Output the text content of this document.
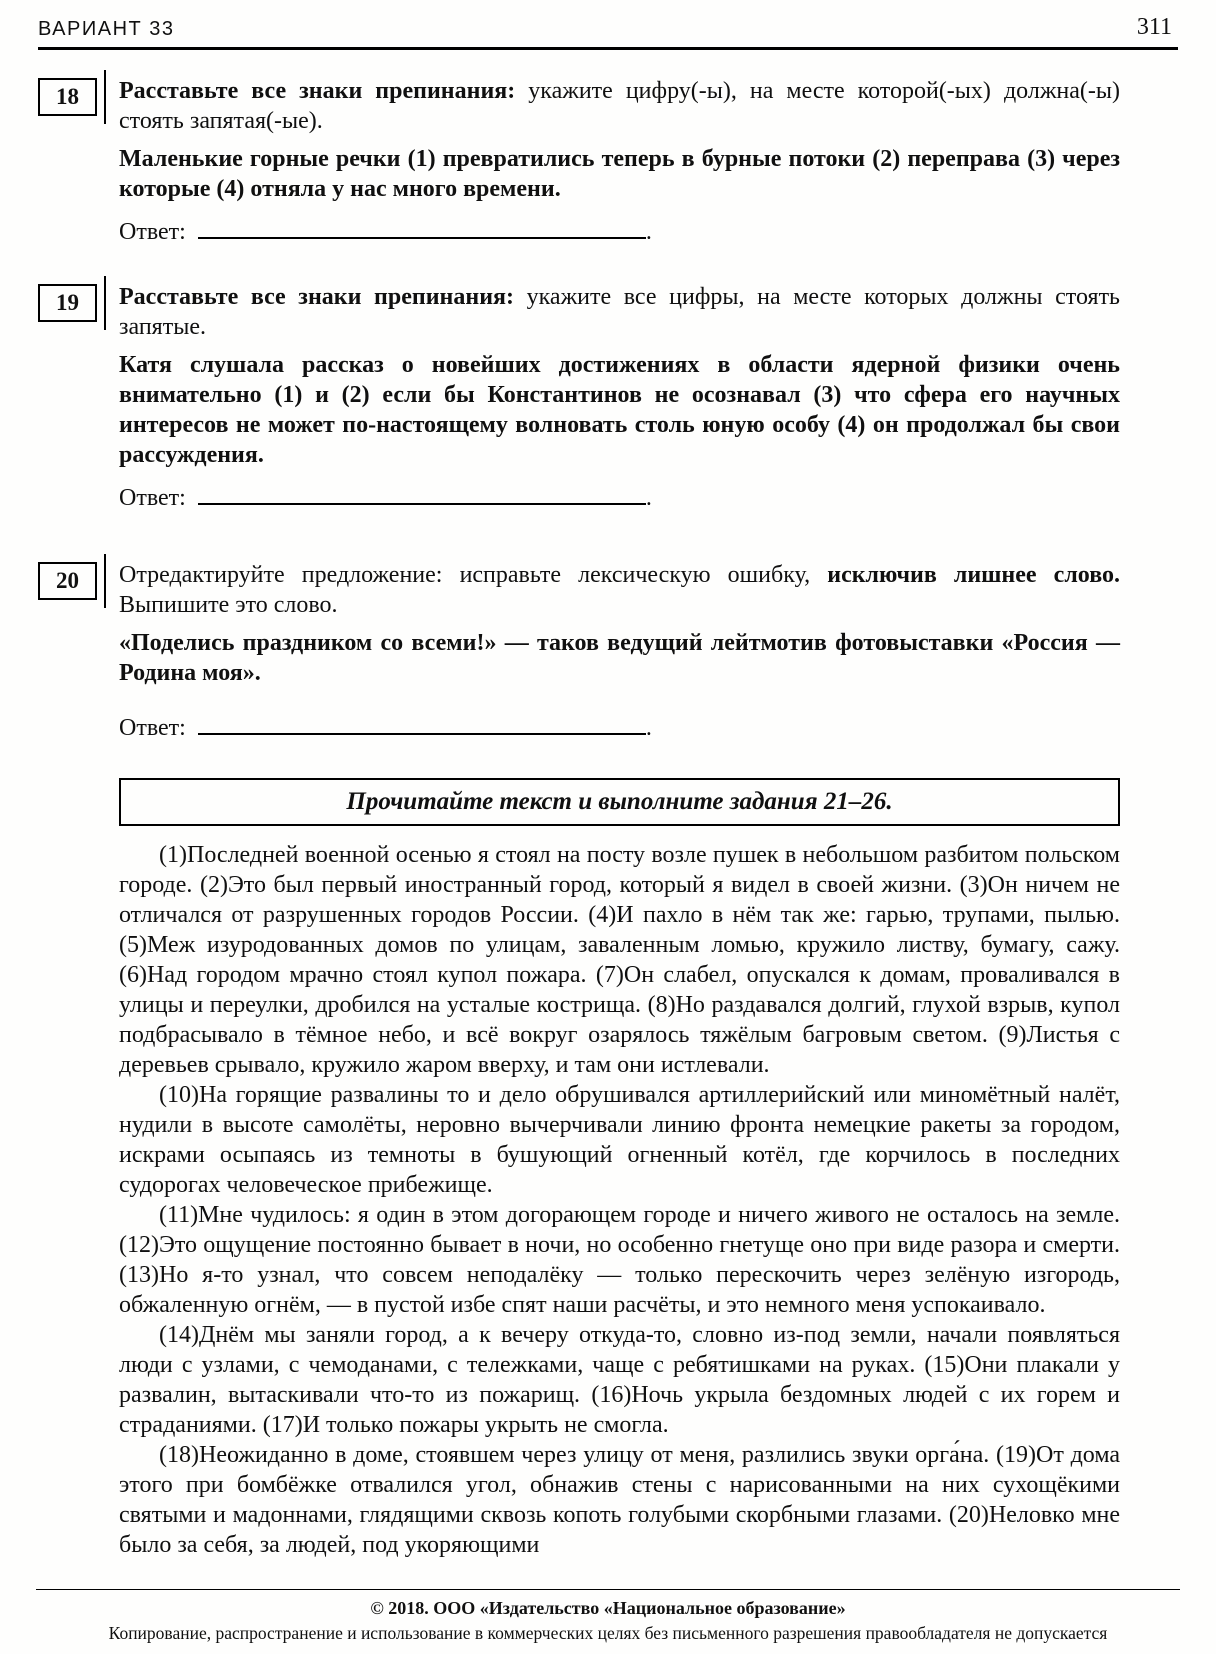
ВАРИАНТ 33	311
18	Расставьте все знаки препинания: укажите цифру(-ы), на месте которой(-ых) должна(-ы) стоять запятая(-ые).

Маленькие горные речки (1) превратились теперь в бурные потоки (2) переправа (3) через которые (4) отняла у нас много времени.

Ответ:	.

19	Расставьте все знаки препинания: укажите все цифры, на месте которых должны стоять запятые.

Катя слушала рассказ о новейших достижениях в области ядерной физики очень внимательно (1) и (2) если бы Константинов не осознавал (3) что сфера его научных интересов не может по-настоящему волновать столь юную особу (4) он продолжал бы свои рассуждения.

Ответ:	.

20	Отредактируйте предложение: исправьте лексическую ошибку, исключив лишнее слово. Выпишите это слово.

«Поделись праздником со всеми!» — таков ведущий лейтмотив фотовыставки «Россия — Родина моя».

Ответ:	.

Прочитайте текст и выполните задания 21–26.

(1)Последней военной осенью я стоял на посту возле пушек в небольшом разбитом польском городе. (2)Это был первый иностранный город, который я видел в своей жизни. (3)Он ничем не отличался от разрушенных городов России. (4)И пахло в нём так же: гарью, трупами, пылью. (5)Меж изуродованных домов по улицам, заваленным ломью, кружило листву, бумагу, сажу. (6)Над городом мрачно стоял купол пожара. (7)Он слабел, опускался к домам, проваливался в улицы и переулки, дробился на усталые кострища. (8)Но раздавался долгий, глухой взрыв, купол подбрасывало в тёмное небо, и всё вокруг озарялось тяжёлым багровым светом. (9)Листья с деревьев срывало, кружило жаром вверху, и там они истлевали.

(10)На горящие развалины то и дело обрушивался артиллерийский или миномётный налёт, нудили в высоте самолёты, неровно вычерчивали линию фронта немецкие ракеты за городом, искрами осыпаясь из темноты в бушующий огненный котёл, где корчилось в последних судорогах человеческое прибежище.

(11)Мне чудилось: я один в этом догорающем городе и ничего живого не осталось на земле. (12)Это ощущение постоянно бывает в ночи, но особенно гнетуще оно при виде разора и смерти. (13)Но я-то узнал, что совсем неподалёку — только перескочить через зелёную изгородь, обжаленную огнём, — в пустой избе спят наши расчёты, и это немного меня успокаивало.

(14)Днём мы заняли город, а к вечеру откуда-то, словно из-под земли, начали появляться люди с узлами, с чемоданами, с тележками, чаще с ребятишками на руках. (15)Они плакали у развалин, вытаскивали что-то из пожарищ. (16)Ночь укрыла бездомных людей с их горем и страданиями. (17)И только пожары укрыть не смогла.

(18)Неожиданно в доме, стоявшем через улицу от меня, разлились звуки орга́на. (19)От дома этого при бомбёжке отвалился угол, обнажив стены с нарисованными на них сухощёкими святыми и мадоннами, глядящими сквозь копоть голубыми скорбными глазами. (20)Неловко мне было за себя, за людей, под укоряющими

© 2018. ООО «Издательство «Национальное образование»
Копирование, распространение и использование в коммерческих целях без письменного разрешения правообладателя не допускается
